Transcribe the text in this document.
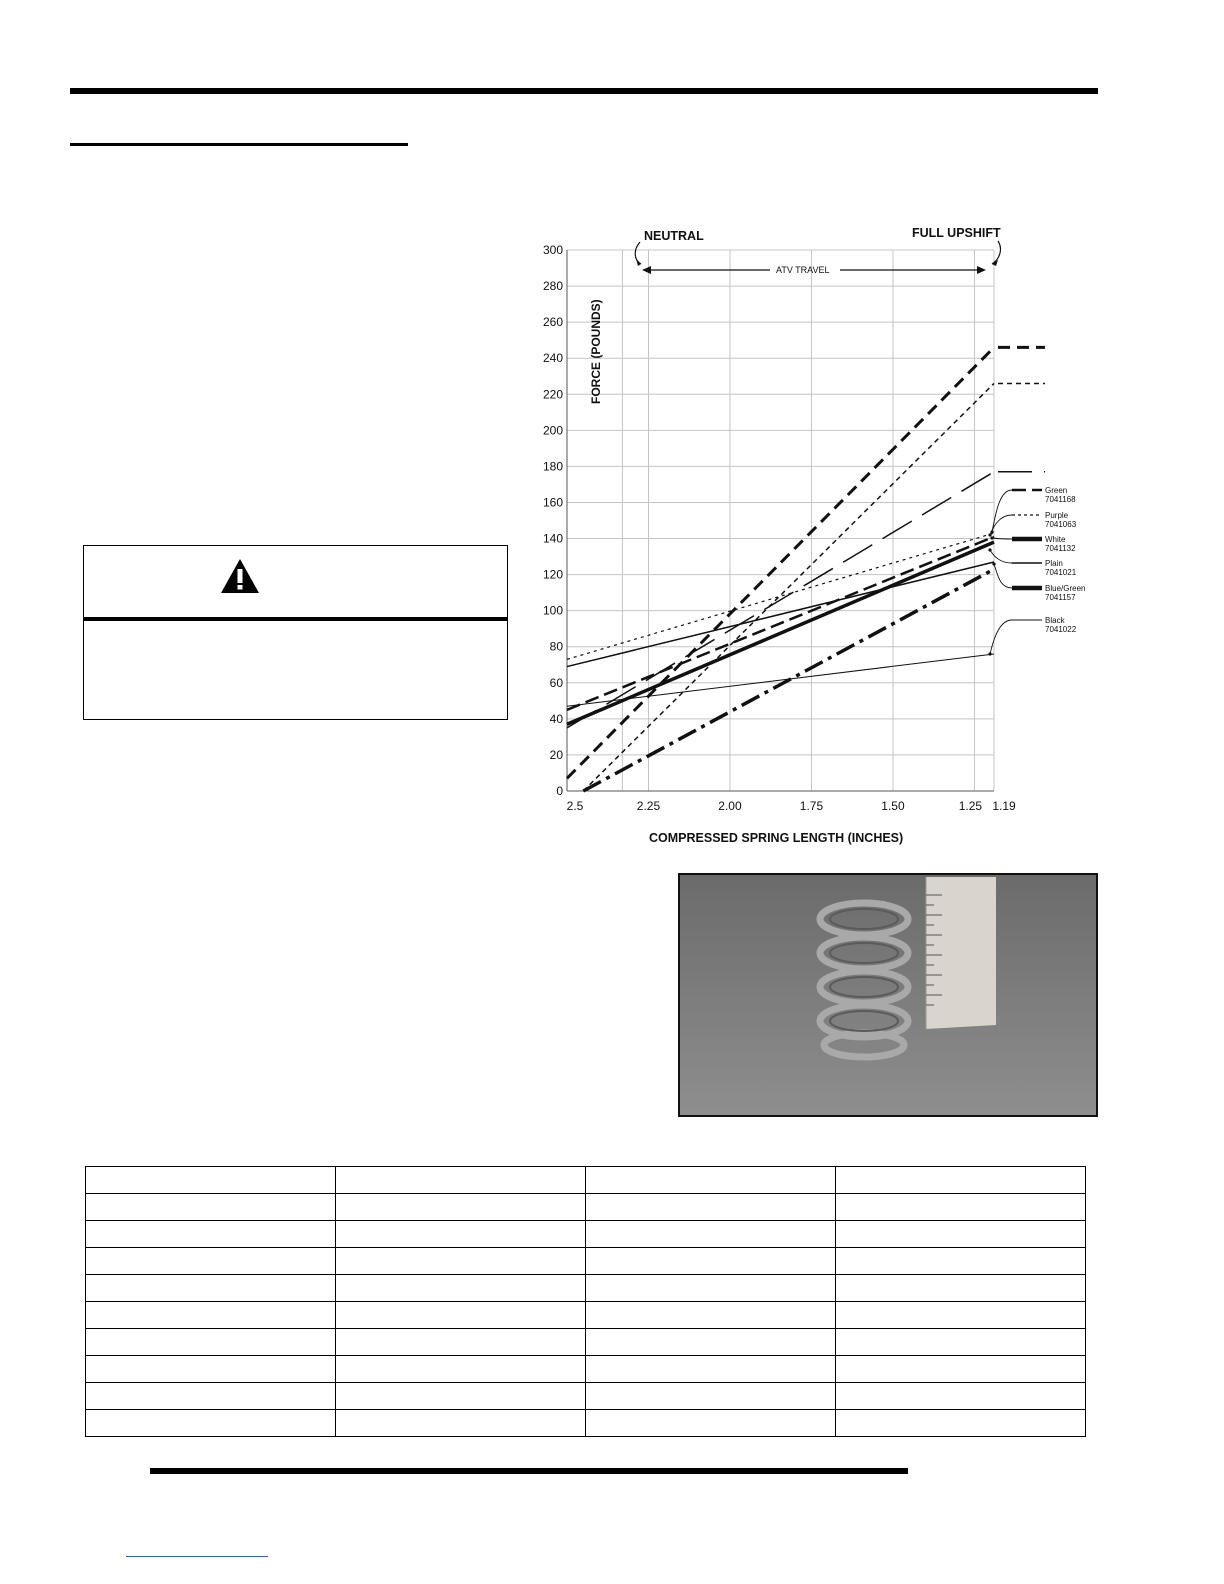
0
20
40
60
80
100
120
140
160
180
200
220
240
260
280
300
2.5	2.25	2.00	1.75	1.50	1.25 1.19
FORCE (POUNDS)
COMPRESSED SPRING LENGTH (INCHES)
NEUTRAL	FULL UPSHIFT
ATV TRAVEL
Green
7041168
Purple
7041063
White
7041132
Plain
7041021
Blue/Green
7041157
Black
7041022
